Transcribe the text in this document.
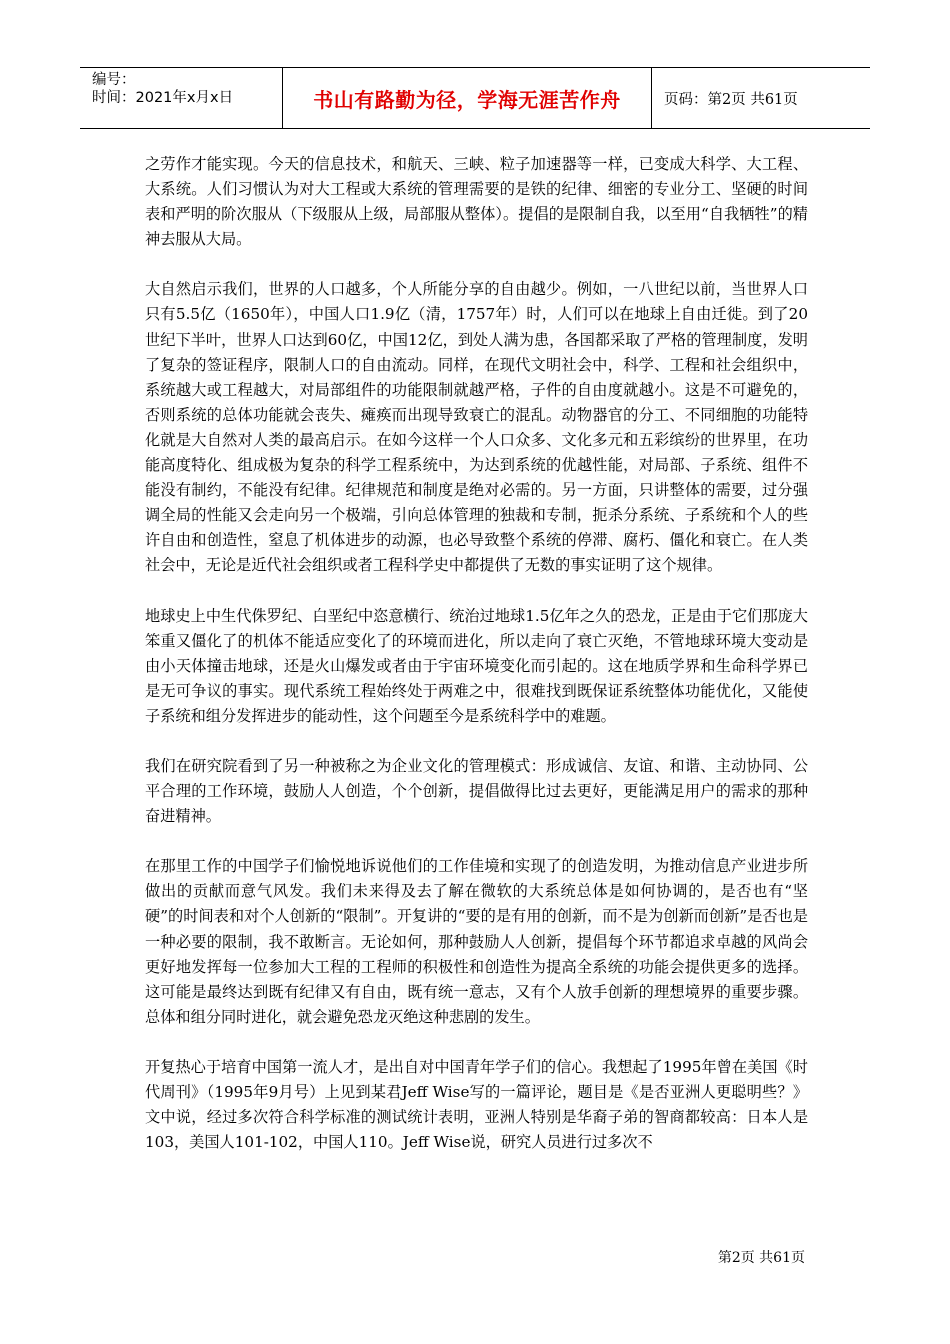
编号：
时间：2021年x月x日	书山有路勤为径，学海无涯苦作舟	页码：第2页 共61页

之劳作才能实现。今天的信息技术，和航天、三峡、粒子加速器等一样，已变成大科学、大工程、大系统。人们习惯认为对大工程或大系统的管理需要的是铁的纪律、细密的专业分工、坚硬的时间表和严明的阶次服从（下级服从上级，局部服从整体）。提倡的是限制自我，以至用“自我牺牲”的精神去服从大局。

大自然启示我们，世界的人口越多，个人所能分享的自由越少。例如，一八世纪以前，当世界人口只有5.5亿（1650年），中国人口1.9亿（清，1757年）时，人们可以在地球上自由迁徙。到了20世纪下半叶，世界人口达到60亿，中国12亿，到处人满为患，各国都采取了严格的管理制度，发明了复杂的签证程序，限制人口的自由流动。同样，在现代文明社会中，科学、工程和社会组织中，系统越大或工程越大，对局部组件的功能限制就越严格，子件的自由度就越小。这是不可避免的，否则系统的总体功能就会丧失、瘫痪而出现导致衰亡的混乱。动物器官的分工、不同细胞的功能特化就是大自然对人类的最高启示。在如今这样一个人口众多、文化多元和五彩缤纷的世界里，在功能高度特化、组成极为复杂的科学工程系统中，为达到系统的优越性能，对局部、子系统、组件不能没有制约，不能没有纪律。纪律规范和制度是绝对必需的。另一方面，只讲整体的需要，过分强调全局的性能又会走向另一个极端，引向总体管理的独裁和专制，扼杀分系统、子系统和个人的些许自由和创造性，窒息了机体进步的动源，也必导致整个系统的停滞、腐朽、僵化和衰亡。在人类社会中，无论是近代社会组织或者工程科学史中都提供了无数的事实证明了这个规律。

地球史上中生代侏罗纪、白垩纪中恣意横行、统治过地球1.5亿年之久的恐龙，正是由于它们那庞大笨重又僵化了的机体不能适应变化了的环境而进化，所以走向了衰亡灭绝，不管地球环境大变动是由小天体撞击地球，还是火山爆发或者由于宇宙环境变化而引起的。这在地质学界和生命科学界已是无可争议的事实。现代系统工程始终处于两难之中，很难找到既保证系统整体功能优化，又能使子系统和组分发挥进步的能动性，这个问题至今是系统科学中的难题。

我们在研究院看到了另一种被称之为企业文化的管理模式：形成诚信、友谊、和谐、主动协同、公平合理的工作环境，鼓励人人创造，个个创新，提倡做得比过去更好，更能满足用户的需求的那种奋进精神。

在那里工作的中国学子们愉悦地诉说他们的工作佳境和实现了的创造发明，为推动信息产业进步所做出的贡献而意气风发。我们未来得及去了解在微软的大系统总体是如何协调的，是否也有“坚硬”的时间表和对个人创新的“限制”。开复讲的“要的是有用的创新，而不是为创新而创新”是否也是一种必要的限制，我不敢断言。无论如何，那种鼓励人人创新，提倡每个环节都追求卓越的风尚会更好地发挥每一位参加大工程的工程师的积极性和创造性为提高全系统的功能会提供更多的选择。这可能是最终达到既有纪律又有自由，既有统一意志，又有个人放手创新的理想境界的重要步骤。总体和组分同时进化，就会避免恐龙灭绝这种悲剧的发生。

开复热心于培育中国第一流人才，是出自对中国青年学子们的信心。我想起了1995年曾在美国《时代周刊》（1995年9月号）上见到某君Jeff Wise写的一篇评论，题目是《是否亚洲人更聪明些？》文中说，经过多次符合科学标准的测试统计表明，亚洲人特别是华裔子弟的智商都较高：日本人是103，美国人101-102，中国人110。Jeff Wise说，研究人员进行过多次不

第2页 共61页
